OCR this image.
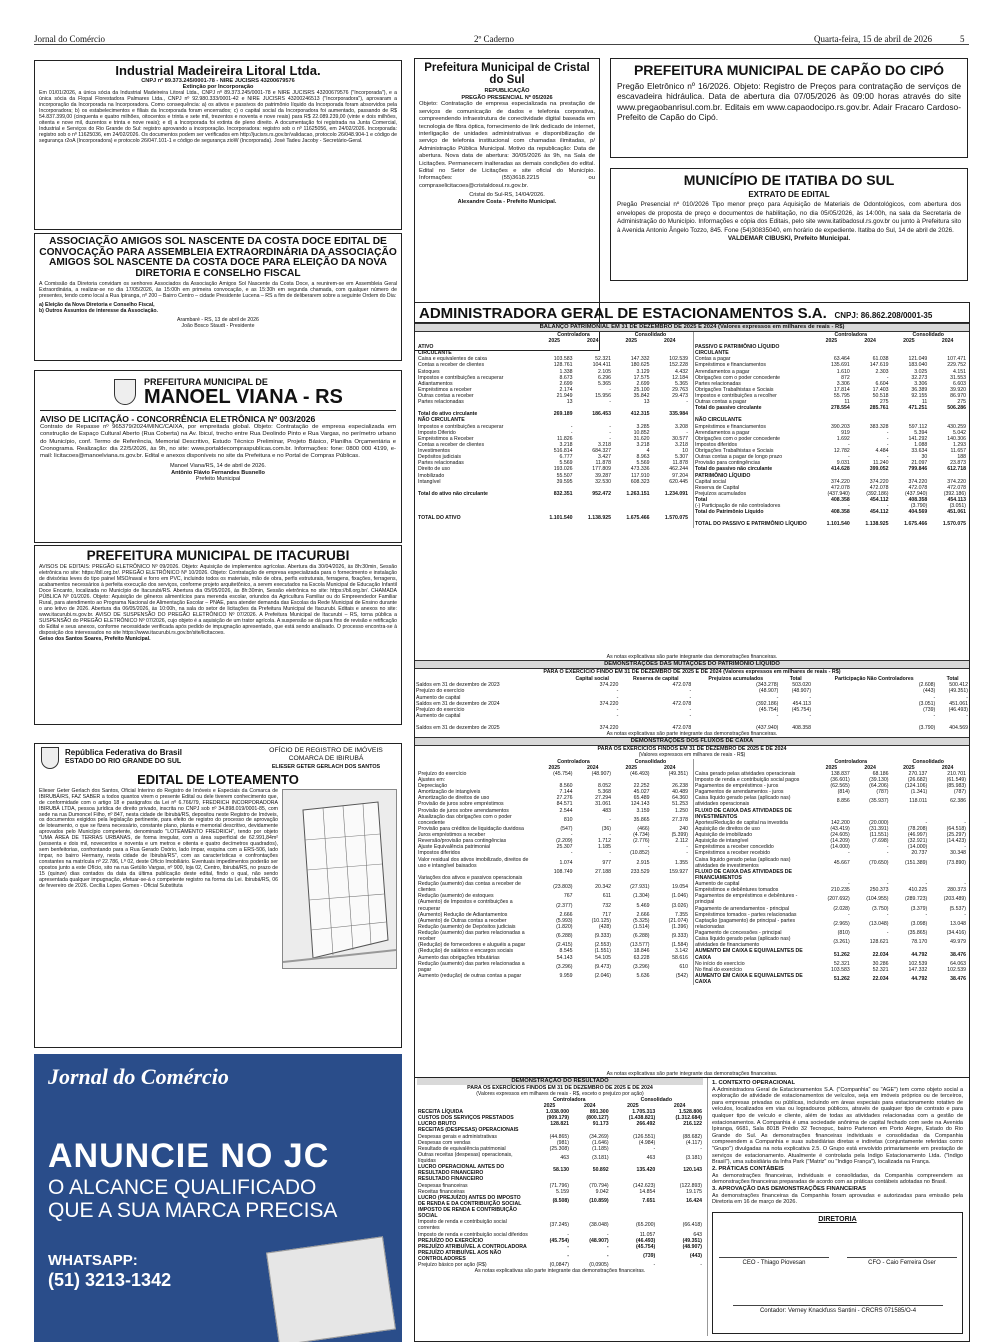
Jornal do Comércio	2º Caderno	Quarta-feira, 15 de abril de 2026	5
Industrial Madeireira Litoral Ltda.
CNPJ nº 89.373.245/0001-78 - NIRE JUCISRS 43200679576
Extinção por Incorporação
Em 01/01/2026, a única sócia da Industrial Madeireira Litoral Ltda., CNPJ nº 89.373.245/0001-78 e NIRE JUCISRS 43200679576 ("Incorporada"), e a única sócia da Flopal Florestadora Palmares Ltda., CNPJ nº 92.980.333/0001-42 e NIRE JUCISRS 43200246513 ("Incorporadora"), aprovaram a incorporação da Incorporada na Incorporadora. Como consequência: a) os ativos e passivos do patrimônio líquido da Incorporada foram absorvidos pela Incorporadora; b) os estabelecimentos e filiais da Incorporada foram encerrados; c) o capital social da Incorporadora foi aumentado, passando de R$ 54.837.399,00 (cinquenta e quatro milhões, oitocentos e trinta e sete mil, trezentos e noventa e nove reais) para R$ 22.089.239,00 (vinte e dois milhões, oitenta e nove mil, duzentos e trinta e nove reais); e d) a Incorporada foi extinta de pleno direito. A documentação foi registrada na Junta Comercial, Industrial e Serviços do Rio Grande do Sul: registro aprovando a incorporação. Incorporadora: registro sob o nº 11625056, em 24/02/2026. Incorporada: registro sob o nº 11625036, em 24/02/2026. Os documentos podem ser verificados em http://jucisrs.rs.gov.br/validacao, protocolo 26/048.904-1 e código de segurança r2oA (Incorporadora) e protocolo 26/047.101-1 e código de segurança zioW (Incorporada). José Tadeu Jacoby - Secretário-Geral.
Prefeitura Municipal de Cristal do Sul
REPUBLICAÇÃO
PREGÃO PRESENCIAL Nº 05/2026
Objeto: Contratação de empresa especializada na prestação de serviços de comunicação de dados e telefonia corporativa, compreendendo infraestrutura de conectividade digital baseada em tecnologia de fibra óptica, fornecimento de link dedicado de internet, interligação de unidades administrativas e disponibilização de serviço de telefonia institucional com chamadas ilimitadas, p/ Administração Pública Municipal. Motivo da republicação: Data de abertura. Nova data de abertura: 30/05/2026 às 9h, na Sala de Licitações. Permanecem inalteradas as demais condições do edital. Edital no Setor de Licitações e site oficial do Município. Informações: (55)3618.2215 ou compraselicitacoes@cristaldosul.rs.gov.br.
Cristal do Sul-RS, 14/04/2026.
Alexandre Costa - Prefeito Municipal.
PREFEITURA MUNICIPAL DE CAPÃO DO CIPÓ
Pregão Eletrônico nº 16/2026. Objeto: Registro de Preços para contratação de serviços de escavadeira hidráulica. Data de abertura dia 07/05/2026 às 09:00 horas através do site www.pregaobanrisul.com.br. Editais em www.capaodocipo.rs.gov.br. Adair Fracaro Cardoso- Prefeito de Capão do Cipó.
MUNICÍPIO DE ITATIBA DO SUL
EXTRATO DE EDITAL
Pregão Presencial nº 010/2026 Tipo menor preço para Aquisição de Materiais de Odontológicos, com abertura dos envelopes de proposta de preço e documentos de habilitação, no dia 05/05/2026, às 14:00h, na sala da Secretaria de Administração do Município. Informações e cópia dos Editais, pelo site www.itatibadosul.rs.gov.br ou junto à Prefeitura sito à Avenida Antonio Ângelo Tozzo, 845. Fone (54)30835040, em horário de expediente. Itatiba do Sul, 14 de abril de 2026.
VALDEMAR CIBUSKI, Prefeito Municipal.
ASSOCIAÇÃO AMIGOS SOL NASCENTE DA COSTA DOCE EDITAL DE CONVOCAÇÃO PARA ASSEMBLEIA EXTRAORDINÁRIA DA ASSOCIAÇÃO AMIGOS SOL NASCENTE DA COSTA DOCE PARA ELEIÇÃO DA NOVA DIRETORIA E CONSELHO FISCAL
A Comissão da Diretoria convidam os senhores Associados da Associação Amigos Sol Nascente da Costa Doce, a reunirem-se em Assembleia Geral Extraordinária, a realizar-se no dia 17/05/2026, às 15:00h em primeira convocação, e as 15:30h em segunda chamada, com qualquer número de presentes, tendo como local a Rua Ipiranga, nº 200 – Bairro Centro – cidade Presidente Lucena – RS a fim de deliberarem sobre a seguinte Ordem do Dia:
a) Eleição da Nova Diretoria e Conselho Fiscal,
b) Outros Assuntos de interesse da Associação.
Arambaré - RS, 13 de abril de 2026
João Bosco Staudt - Presidente
PREFEITURA MUNICIPAL DE
MANOEL VIANA - RS
AVISO DE LICITAÇÃO - CONCORRÊNCIA ELETRÔNICA Nº 003/2026
Contrato de Repasse nº 965379/2024/MINC/CAIXA, por empreitada global. Objeto: Contratação de empresa especializada em construção de Espaço Cultural Aberto (Rua Coberta) na Av. Ibicuí, trecho entre Rua Deolindo Pinto e Rua Vargas, no perímetro urbano do Município, conf. Termo de Referência, Memorial Descritivo, Estudo Técnico Preliminar, Projeto Básico, Planilha Orçamentária e Cronograma. Realização: dia 22/5/2026, às 9h, no site: www.portaldecompraspublicas.com.br. Informações: fone: 0800 000 4199, e-mail: licitacoes@manoelviana.rs.gov.br. Edital e anexos disponíveis no site da Prefeitura e no Portal de Compras Públicas.
Manoel Viana/RS, 14 de abril de 2026.
Antônio Flávio Fernandes Busnello
Prefeito Municipal
PREFEITURA MUNICIPAL DE ITACURUBI
AVISOS DE EDITAIS: PREGÃO ELETRÔNICO Nº 09/2026. Objeto: Aquisição de implementos agrícolas. Abertura dia 30/04/2026, às 8h:30min, Sessão eletrônica no site: https://bll.org.br/. PREGÃO ELETRÔNICO Nº 10/2026. Objeto: Contratação de empresa especializada para o fornecimento e instalação de divisórias leves do tipo painel MSO/naval e forro em PVC, incluindo todos os materiais, mão de obra, perfis estruturais, ferragens, fixações, ferragens, acabamentos necessários à perfeita execução dos serviços, conforme projeto arquitetônico, a serem executados na Escola Municipal de Educação Infantil Doce Encanto, localizada no Município de Itacurubi/RS. Abertura dia 05/05/2026, às 8h:30min, Sessão eletrônica no site: https://bll.org.br/. CHAMADA PÚBLICA Nº 01/2026. Objeto: Aquisição de gêneros alimentícios para merenda escolar, oriundos da Agricultura Familiar ou do Empreendedor Familiar Rural, para atendimento ao Programa Nacional de Alimentação Escolar – PNAE, para atender demanda das Escolas da Rede Municipal de Ensino durante o ano letivo de 2026. Abertura dia 06/05/2026, às 10:00h, na sala do setor de licitações da Prefeitura Municipal de Itacurubi. Editais e anexos no site: www.itacurubi.rs.gov.br. AVISO DE SUSPENSÃO DO PREGÃO ELETRÔNICO Nº 07/2026. A Prefeitura Municipal de Itacurubi – RS, torna pública a SUSPENSÃO do PREGÃO ELETRÔNICO Nº 07/2026, cujo objeto é a aquisição de um trator agrícola. A suspensão se dá para fins de revisão e retificação do Edital e seus anexos, conforme necessidade verificada após pedido de impugnação apresentado, que está sendo analisado. O processo encontra-se à disposição dos interessados no site https://www.itacurubi.rs.gov.br/site/licitacoes.
Geiso dos Santos Soares, Prefeito Municipal.
República Federativa do Brasil
ESTADO DO RIO GRANDE DO SUL
OFÍCIO DE REGISTRO DE IMÓVEIS COMARCA DE IBIRUBÁ
ELIESER GETER GERLACH DOS SANTOS
EDITAL DE LOTEAMENTO
Elieser Geter Gerlach dos Santos, Oficial Interino do Registro de Imóveis e Especiais da Comarca de IBIRUBÁ/RS, FAZ SABER a todos quantos virem o presente Edital ou dele tiverem conhecimento que, de conformidade com o artigo 18 e parágrafos da Lei nº 6.766/79, FREDRICH INCORPORADORA IBIRUBÁ LTDA, pessoa jurídica de direito privado, inscrita no CNPJ sob nº 34.898.019/0001-85, com sede na rua Dumoncel Filho, nº 847, nesta cidade de Ibirubá/RS, depositou neste Registro de Imóveis, os documentos exigidos pela legislação pertinente, para efeito de registro do processo de aprovação de loteamento, o que se fizera necessário, constante plano, planta e memorial descritivo, devidamente aprovados pelo Município competente, denominado "LOTEAMENTO FREDRICH", tendo por objeto "UMA ÁREA DE TERRAS URBANAS, de forma irregular, com a área superficial de 62.991,84m² (sessenta e dois mil, novecentos e noventa e um metros e oitenta e quatro decímetros quadrados), sem benfeitorias, confrontando para a Rua Gerado Osório, lado ímpar, esquina com a ERS-506, lado ímpar, no bairro Hermany, nesta cidade de Ibirubá/RS", com as características e confrontações constantes na matrícula nº 22.786, Lº 02, deste Ofício Imobiliário. Eventuais impedimentos poderão ser opostos junto a este Ofício, sito na rua Getúlio Vargas, nº 900, loja 02, Centro, Ibirubá/RS, no prazo de 15 (quinze) dias contados da data da última publicação deste edital, findo o qual, não sendo apresentada qualquer impugnação, efetuar-se-á o competente registro na forma da Lei. Ibirubá/RS, 06 de fevereiro de 2026. Cecília Lopes Gomes - Oficial Substituta
Jornal do Comércio
ANUNCIE NO JC
O ALCANCE QUALIFICADO
QUE A SUA MARCA PRECISA
WHATSAPP:
(51) 3213-1342
ADMINISTRADORA GERAL DE ESTACIONAMENTOS S.A. CNPJ: 86.862.208/0001-35
BALANÇO PATRIMONIAL EM 31 DE DEZEMBRO DE 2025 E 2024 (Valores expressos em milhares de reais - R$)
	Controladora		Consolidado	
	2025	2024	2025	2024
ATIVO				
CIRCULANTE				
Caixa e equivalentes de caixa	103.583	52.321	147.332	102.539
Contas a receber de clientes	128.761	104.411	180.625	152.228
Estoques	1.338	2.105	3.129	4.432
Impostos e contribuições a recuperar	8.673	6.296	17.575	12.184
Adiantamentos	2.699	5.365	2.699	5.365
Empréstimos a receber	2.174	-	25.100	29.763
Outras contas a receber	21.949	15.956	35.842	29.473
Partes relacionadas	13	-	13	-

Total do ativo circulante	269.189	186.453	412.315	335.984
NÃO CIRCULANTE				
Impostos e contribuições a recuperar	-	-	3.285	3.208
Imposto Diferido	-	-	10.852	-
Empréstimos a Receber	11.826	-	31.620	30.577
Contas a receber de clientes	3.218	3.218	3.218	3.218
Investimentos	516.814	684.327	4	10
Depósitos judiciais	6.777	3.427	8.963	5.307
Partes relacionadas	5.569	11.878	5.569	11.878
Direito de uso	193.026	177.809	473.336	462.244
Imobilizado	55.507	39.287	117.910	97.204
Intangível	39.595	32.530	608.323	620.445

Total do ativo não circulante	832.351	952.472	1.263.151	1.234.091

TOTAL DO ATIVO	1.101.540	1.138.925	1.675.466	1.570.075
	Controladora		Consolidado	
	2025	2024	2025	2024
PASSIVO E PATRIMÔNIO LÍQUIDO				
CIRCULANTE				
Contas a pagar	63.464	61.038	121.049	107.471
Empréstimos e financiamentos	135.691	147.619	183.040	229.752
Arrendamentos a pagar	1.610	2.303	3.025	4.151
Obrigações com o poder concedente	872	-	32.273	31.553
Partes relacionadas	3.306	6.604	3.306	6.603
Obrigações Trabalhistas e Sociais	17.814	17.403	36.389	39.920
Impostos e contribuições a recolher	55.795	50.518	92.155	86.970
Outras contas a pagar	11	275	11	275
Total do passivo circulante	278.554	285.761	471.251	506.286

NÃO CIRCULANTE				
Empréstimos e financiamentos	390.203	383.328	597.112	430.259
Arrendamentos a pagar	919	-	5.394	5.042
Obrigações com o poder concedente	1.692	-	141.292	140.306
Impostos diferidos	-	-	1.088	1.293
Obrigações Trabalhistas e Sociais	12.782	4.484	33.634	11.657
Outras contas a pagar de longo prazo	-	-	30	188
Provisão para contingências	9.031	11.240	21.097	23.873
Total do passivo não circulante	414.628	399.052	799.846	612.718
PATRIMÔNIO LÍQUIDO				
Capital social	374.220	374.220	374.220	374.220
Reserva de Capital	472.078	472.078	472.078	472.078
Prejuízos acumulados	(437.940)	(392.186)	(437.940)	(392.186)
Total	408.358	454.112	408.358	454.113
(-) Participação de não controladores	-	-	(3.790)	(3.051)
Total do Patrimônio Líquido	408.358	454.112	404.569	451.061

TOTAL DO PASSIVO E PATRIMÔNIO LÍQUIDO	1.101.540	1.138.925	1.675.466	1.570.075
As notas explicativas são parte integrante das demonstrações financeiras.
DEMONSTRAÇÕES DAS MUTAÇÕES DO PATRIMÔNIO LÍQUIDO
PARA O EXERCÍCIO FINDO EM 31 DE DEZEMBRO DE 2025 E DE 2024 (Valores expressos em milhares de reais - R$)
	Capital social	Reserva de capital	Prejuízos acumulados	Total	Participação Não Controladores	Total
Saldos em 31 de dezembro de 2023	374.220	472.078	(343.278)	503.020	(2.608)	500.412
Prejuízo do exercício	-	-	(48.907)	(48.907)	(443)	(49.351)
Aumento de capital	-	-	-	-	-	-
Saldos em 31 de dezembro de 2024	374.220	472.078	(392.186)	454.113	(3.051)	451.061
Prejuízo do exercício	-	-	(45.754)	(45.754)	(739)	(46.493)
Aumento de capital	-	-	-	-	-	-

Saldos em 31 de dezembro de 2025	374.220	472.078	(437.940)	408.358	(3.790)	404.569
As notas explicativas são parte integrante das demonstrações financeiras.
DEMONSTRAÇÕES DOS FLUXOS DE CAIXA
PARA OS EXERCÍCIOS FINDOS EM 31 DE DEZEMBRO DE 2025 E DE 2024
(Valores expressos em milhares de reais - R$)
	Controladora		Consolidado	
	2025	2024	2025	2024
Prejuízo do exercício	(45.754)	(48.907)	(46.493)	(49.351)
Ajustes em:				
Depreciação	8.560	8.052	22.252	26.238
Amortização de intangíveis	7.144	5.368	45.027	40.489
Amortização de direitos de uso	27.276	27.294	65.489	64.360
Provisão de juros sobre empréstimos	84.571	31.061	124.143	51.253
Provisão de juros sobre arrendamentos	2.544	483	3.159	1.250
Atualização das obrigações com o poder concedente	810	-	35.865	27.378
Provisão para créditos de liquidação duvidosa	(547)	(36)	(466)	240
Juros empréstimos a receber	-	-	(4.734)	(5.399)
Reversão/provisão para contingências	(2.209)	1.712	(2.776)	2.112
Ajuste Equivalência patrimonial	25.307	1.185	-	-
Impostos diferidos	-	-	(10.852)	-
Valor residual dos ativos imobilizado, direitos de uso e intangível baixados	1.074	977	2.915	1.355
	108.749	27.188	233.529	159.927
Variações dos ativos e passivos operacionais				
Redução (aumento) das contas a receber de clientes	(23.803)	20.342	(27.931)	19.054
Redução (aumento) de estoques	767	611	(1.304)	(1.046)
(Aumento) de Impostos e contribuições a recuperar	(2.377)	732	5.469	(3.026)
(Aumento) Redução de Adiantamentos	2.666	717	2.666	7.355
(Aumento) de Outras contas a receber	(5.993)	(10.125)	(5.325)	(21.074)
Redução (aumento) de Depósitos judiciais	(1.820)	(428)	(1.514)	(1.396)
Redução (aumento) das partes relacionadas a receber	(6.288)	(9.333)	(6.288)	(9.333)
(Redução) de fornecedores e aluguéis a pagar	(2.415)	(2.553)	(13.577)	(1.584)
(Redução) de salários e encargos sociais	8.545	(1.551)	18.846	3.142
Aumento das obrigações tributárias	54.143	54.105	63.228	58.616
Redução (aumento) das partes relacionadas a pagar	(3.296)	(9.473)	(3.296)	610
Aumento (redução) de outras contas a pagar	9.959	(2.046)	5.636	(542)
	Controladora		Consolidado	
	2025	2024	2025	2024
Caixa gerado pelas atividades operacionais	138.837	68.186	270.137	210.701
Imposto de renda e contribuição social pagos	(36.601)	(39.130)	(26.682)	(61.549)
Pagamentos de empréstimos - juros	(62.565)	(64.206)	(124.106)	(85.983)
Pagamentos de arrendamentos - juros	(814)	(787)	(1.341)	(787)
Caixa líquido gerado pelas (aplicado nas) atividades operacionais	8.856	(35.937)	118.011	62.386
FLUXO DE CAIXA DAS ATIVIDADES DE INVESTIMENTOS				
Aportes/Redução de capital na investida	142.200	(20.000)	-	-
Aquisição de direitos de uso	(43.419)	(31.391)	(78.208)	(64.518)
Aquisição de imobilizado	(24.605)	(11.551)	(46.997)	(25.297)
Aquisição de intangível	(14.209)	(7.698)	(32.921)	(14.423)
Empréstimos a receber concedido	(14.000)	-	(14.000)	-
Empréstimos a receber recebido	-	-	20.737	30.348
Caixa líquido gerado pelas (aplicado nas) atividades de investimentos	45.667	(70.650)	(151.389)	(73.890)
FLUXO DE CAIXA DAS ATIVIDADES DE FINANCIAMENTOS				
Aumento de capital	-	-	-	-
Empréstimos e debêntures tomados	210.235	250.373	410.225	280.373
Pagamentos de empréstimos e debêntures - principal	(207.692)	(104.955)	(289.723)	(203.489)
Pagamento de arrendamentos - principal	(2.028)	(3.750)	(3.379)	(5.537)
Empréstimos tomados - partes relacionadas	-	-	-	-
Captação (pagamento) de principal - partes relacionadas	(2.965)	(13.048)	(3.098)	13.048
Pagamento de concessões - principal	(810)	-	(35.865)	(34.416)
Caixa líquido gerado pelas (aplicado nas) atividades de financiamento	(3.261)	128.621	78.170	49.979
AUMENTO EM CAIXA E EQUIVALENTES DE CAIXA	51.262	22.034	44.792	38.476
No início do exercício	52.321	30.286	102.539	64.063
No final do exercício	103.583	52.321	147.332	102.539
AUMENTO EM CAIXA E EQUIVALENTES DE CAIXA	51.262	22.034	44.792	38.476
As notas explicativas são parte integrante das demonstrações financeiras.
DEMONSTRAÇÃO DO RESULTADO
PARA OS EXERCÍCIOS FINDOS EM 31 DE DEZEMBRO DE 2025 E DE 2024
(Valores expressos em milhares de reais - R$, exceto o prejuízo por ação)
	Controladora		Consolidado	
	2025	2024	2025	2024
RECEITA LÍQUIDA	1.038.000	891.300	1.705.313	1.528.806
CUSTOS DOS SERVIÇOS PRESTADOS	(909.179)	(800.127)	(1.438.821)	(1.312.684)
LUCRO BRUTO	128.821	91.173	266.492	216.122
RECEITAS (DESPESAS) OPERACIONAIS				
Despesas gerais e administrativas	(44.865)	(34.269)	(126.551)	(88.682)
Despesas com vendas	(981)	(1.646)	(4.984)	(4.117)
Resultado de equivalência patrimonial	(25.308)	(1.185)	-	-
Outras receitas (despesas) operacionais, líquidas	463	(3.181)	463	(3.181)
LUCRO OPERACIONAL ANTES DO RESULTADO FINANCEIRO	58.130	50.892	135.420	120.143
RESULTADO FINANCEIRO				
Despesas financeiras	(71.796)	(70.794)	(142.623)	(122.893)
Receitas financeiras	5.159	9.042	14.854	19.175
LUCRO (PREJUÍZO) ANTES DO IMPOSTO DE RENDA E DA CONTRIBUIÇÃO SOCIAL	(8.508)	(10.859)	7.651	16.424
IMPOSTO DE RENDA E CONTRIBUIÇÃO SOCIAL				
Imposto de renda e contribuição social correntes	(37.245)	(38.048)	(65.200)	(66.418)
Imposto de renda e contribuição social diferidos	-	-	11.057	643
PREJUÍZO DO EXERCÍCIO	(45.754)	(48.907)	(46.493)	(49.351)
PREJUÍZO ATRIBUÍVEL A CONTROLADORA	-	-	(45.754)	(48.907)
PREJUÍZO ATRIBUÍVEL AOS NÃO CONTROLADORES	-	-	(739)	(443)
Prejuízo básico por ação (R$)	(0,0847)	(0,0905)	-	-
As notas explicativas são parte integrante das demonstrações financeiras.
1. CONTEXTO OPERACIONAL
A Administradora Geral de Estacionamentos S.A. ("Companhia" ou "AGE") tem como objeto social a exploração de atividade de estacionamentos de veículos, seja em imóveis próprios ou de terceiros, para empresas privadas ou públicas, incluindo em áreas especiais para estacionamento rotativo de veículos, localizados em vias ou logradouros públicos, através de qualquer tipo de contrato e para qualquer tipo de veículo e cliente, além de todas as atividades relacionadas com a gestão de estacionamentos. A Companhia é uma sociedade anônima de capital fechado com sede na Avenida Ipiranga, 6681, Sala 801B Prédio 32 Tecnopuc, bairro Partenon em Porto Alegre, Estado do Rio Grande do Sul. As demonstrações financeiras individuais e consolidadas da Companhia compreendem a Companhia e suas subsidiárias diretas e indiretas (conjuntamente referidas como "Grupo") divulgadas na nota explicativa 2.5. O Grupo está envolvido primariamente em prestação de serviços de estacionamento. Atualmente é controlada pela Indigo Estacionamento Ltda. ("Indigo Brasil"), uma subsidiária da Infra Park ("Matriz" ou "Indigo França"), localizada na França.
2. PRÁTICAS CONTÁBEIS
As demonstrações financeiras, individuais e consolidadas, da Companhia compreendem as demonstrações financeiras preparadas de acordo com as práticas contábeis adotadas no Brasil.
3. APROVAÇÃO DAS DEMONSTRAÇÕES FINANCEIRAS
As demonstrações financeiras da Companhia foram aprovadas e autorizadas para emissão pela Diretoria em 16 de março de 2026.
DIRETORIA
CEO - Thiago Piovesan	CFO - Caio Ferreira Oser
Contador: Verney Knackfuss Santini - CRCRS 071585/O-4
